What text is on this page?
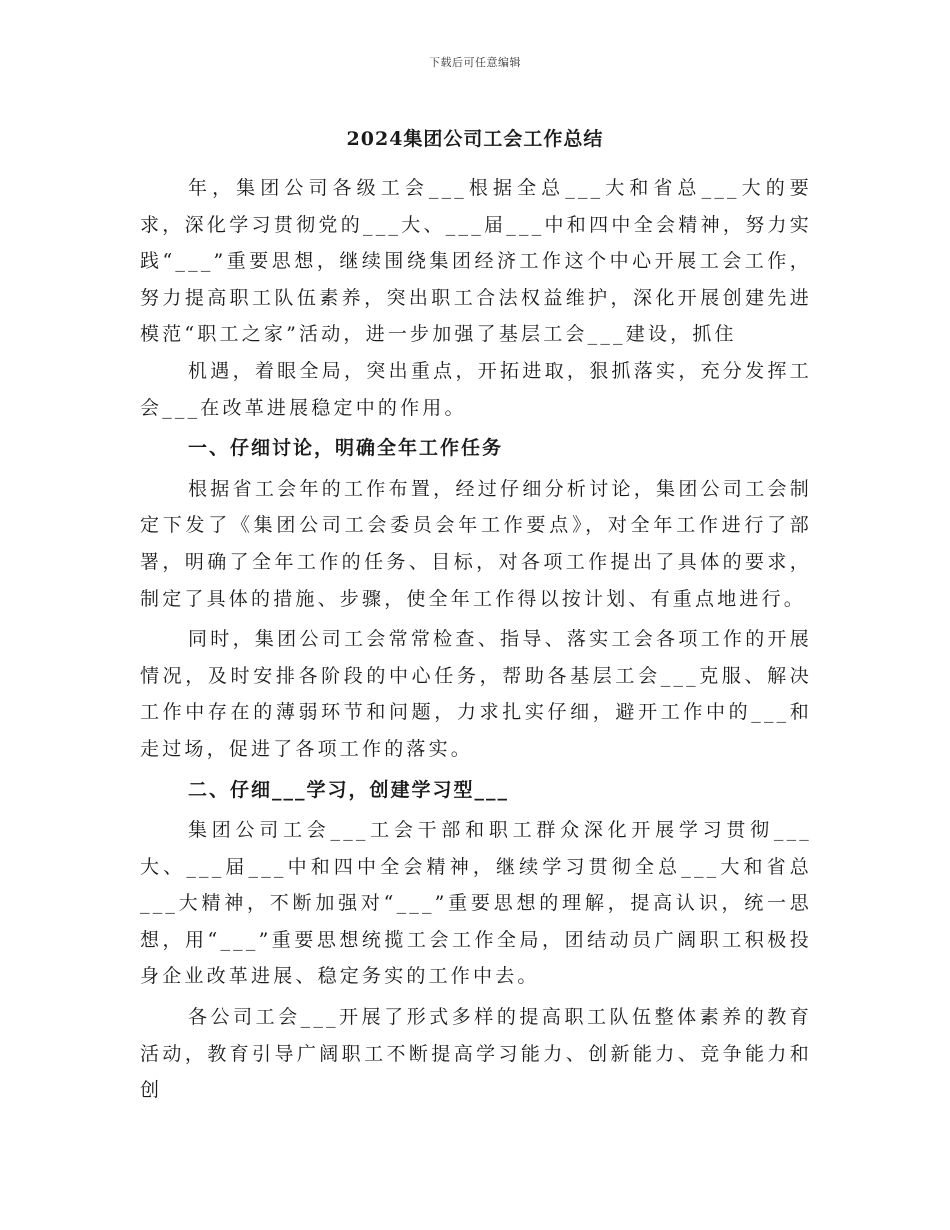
下载后可任意编辑
2024集团公司工会工作总结

年，集团公司各级工会___根据全总___大和省总___大的要求，深化学习贯彻党的___大、___届___中和四中全会精神，努力实践“___”重要思想，继续围绕集团经济工作这个中心开展工会工作，努力提高职工队伍素养，突出职工合法权益维护，深化开展创建先进模范“职工之家”活动，进一步加强了基层工会___建设，抓住

机遇，着眼全局，突出重点，开拓进取，狠抓落实，充分发挥工会___在改革进展稳定中的作用。

一、仔细讨论，明确全年工作任务

根据省工会年的工作布置，经过仔细分析讨论，集团公司工会制定下发了《集团公司工会委员会年工作要点》，对全年工作进行了部署，明确了全年工作的任务、目标，对各项工作提出了具体的要求，制定了具体的措施、步骤，使全年工作得以按计划、有重点地进行。

同时，集团公司工会常常检查、指导、落实工会各项工作的开展情况，及时安排各阶段的中心任务，帮助各基层工会___克服、解决工作中存在的薄弱环节和问题，力求扎实仔细，避开工作中的___和走过场，促进了各项工作的落实。

二、仔细___学习，创建学习型___

集团公司工会___工会干部和职工群众深化开展学习贯彻___大、___届___中和四中全会精神，继续学习贯彻全总___大和省总___大精神，不断加强对“___”重要思想的理解，提高认识，统一思想，用“___”重要思想统揽工会工作全局，团结动员广阔职工积极投身企业改革进展、稳定务实的工作中去。

各公司工会___开展了形式多样的提高职工队伍整体素养的教育活动，教育引导广阔职工不断提高学习能力、创新能力、竞争能力和创
